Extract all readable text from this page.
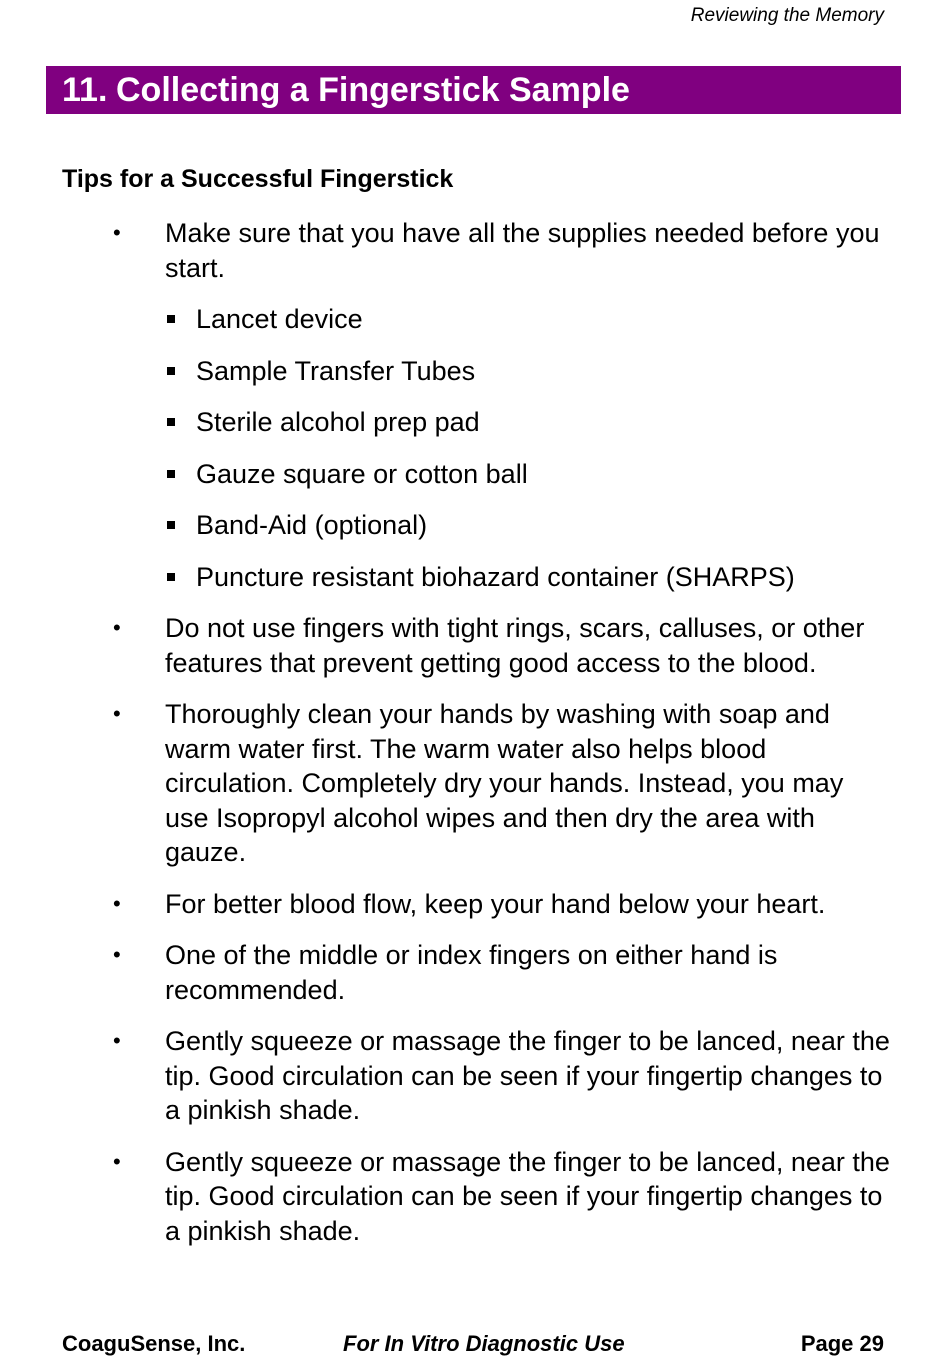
Reviewing the Memory
11. Collecting a Fingerstick Sample
Tips for a Successful Fingerstick
• Make sure that you have all the supplies needed before you start.
Lancet device
Sample Transfer Tubes
Sterile alcohol prep pad
Gauze square or cotton ball
Band-Aid (optional)
Puncture resistant biohazard container (SHARPS)
• Do not use fingers with tight rings, scars, calluses, or other features that prevent getting good access to the blood.
• Thoroughly clean your hands by washing with soap and warm water first. The warm water also helps blood circulation. Completely dry your hands. Instead, you may use Isopropyl alcohol wipes and then dry the area with gauze.
• For better blood flow, keep your hand below your heart.
• One of the middle or index fingers on either hand is recommended.
• Gently squeeze or massage the finger to be lanced, near the tip. Good circulation can be seen if your fingertip changes to a pinkish shade.
• Gently squeeze or massage the finger to be lanced, near the tip. Good circulation can be seen if your fingertip changes to a pinkish shade.
CoaguSense, Inc.	For In Vitro Diagnostic Use	Page 29
